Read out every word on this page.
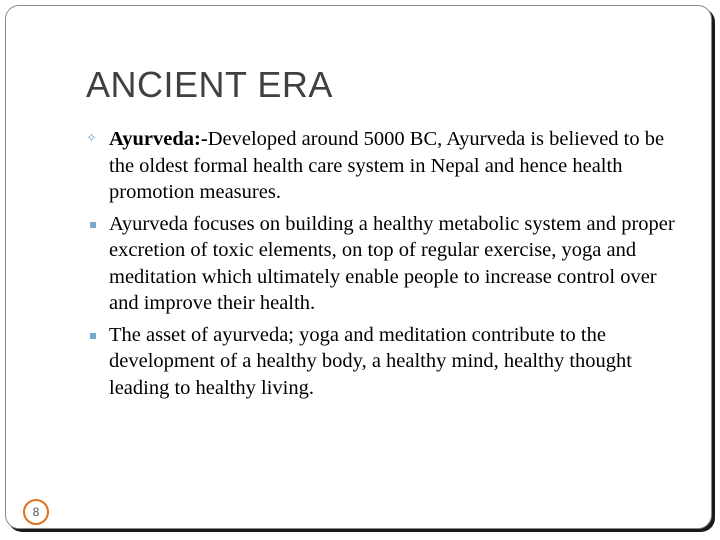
ANCIENT ERA

✧ Ayurveda:-Developed around 5000 BC, Ayurveda is believed to be the oldest formal health care system in Nepal and hence health promotion measures.

▪ Ayurveda focuses on building a healthy metabolic system and proper excretion of toxic elements, on top of regular exercise, yoga and meditation which ultimately enable people to increase control over and improve their health.

▪ The asset of ayurveda; yoga and meditation contribute to the development of a healthy body, a healthy mind, healthy thought leading to healthy living.

8
